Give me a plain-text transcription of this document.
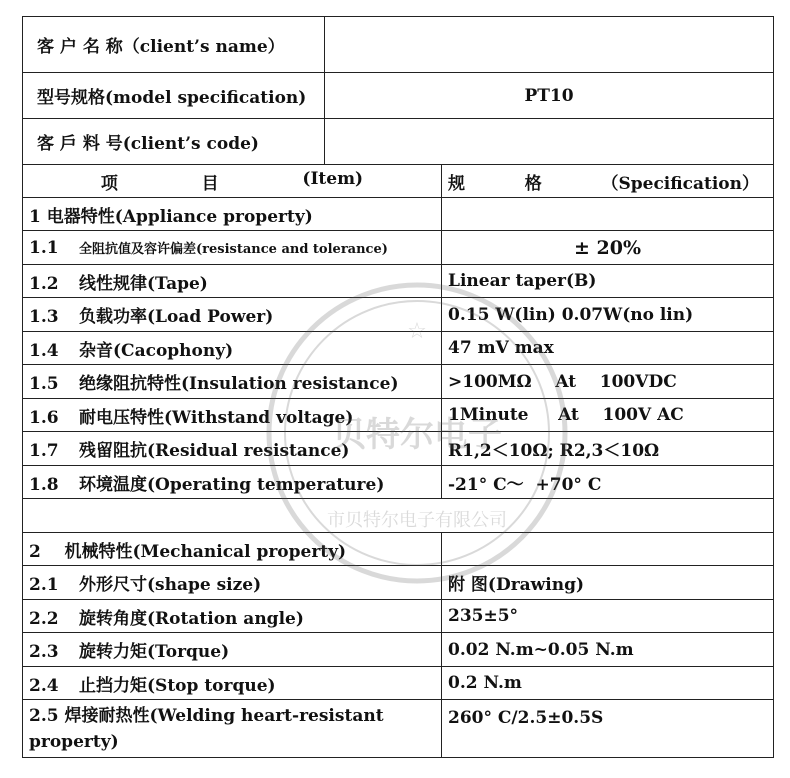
客 户 名 称（client’s name）		
型号规格(model specification)	PT10	
客 戶 料 号(client’s code)		

项 目 (Item)		规 格 （Specification）

1 电器特性(Appliance property)		
1.1 全阻抗值及容许偏差(resistance and tolerance)		± 20%
1.2 线性规律(Tape)		Linear taper(B)
1.3 负载功率(Load Power)		0.15 W(lin) 0.07W(no lin)
1.4 杂音(Cacophony)		47 mV max
1.5 绝缘阻抗特性(Insulation resistance)		>100MΩ    At    100VDC
1.6 耐电压特性(Withstand voltage)		1Minute     At    100V AC
1.7 残留阻抗(Residual resistance)		R1,2＜10Ω; R2,3＜10Ω
1.8 环境温度(Operating temperature)		-21° C～  +70° C

2    机械特性(Mechanical property)		
2.1 外形尺寸(shape size)		附 图(Drawing)
2.2 旋转角度(Rotation angle)		235±5°
2.3 旋转力矩(Torque)		0.02 N.m~0.05 N.m
2.4 止挡力矩(Stop torque)		0.2 N.m
2.5 焊接耐热性(Welding heart-resistant property)		260° C/2.5±0.5S
☆
贝特尔电子
市贝特尔电子有限公司
